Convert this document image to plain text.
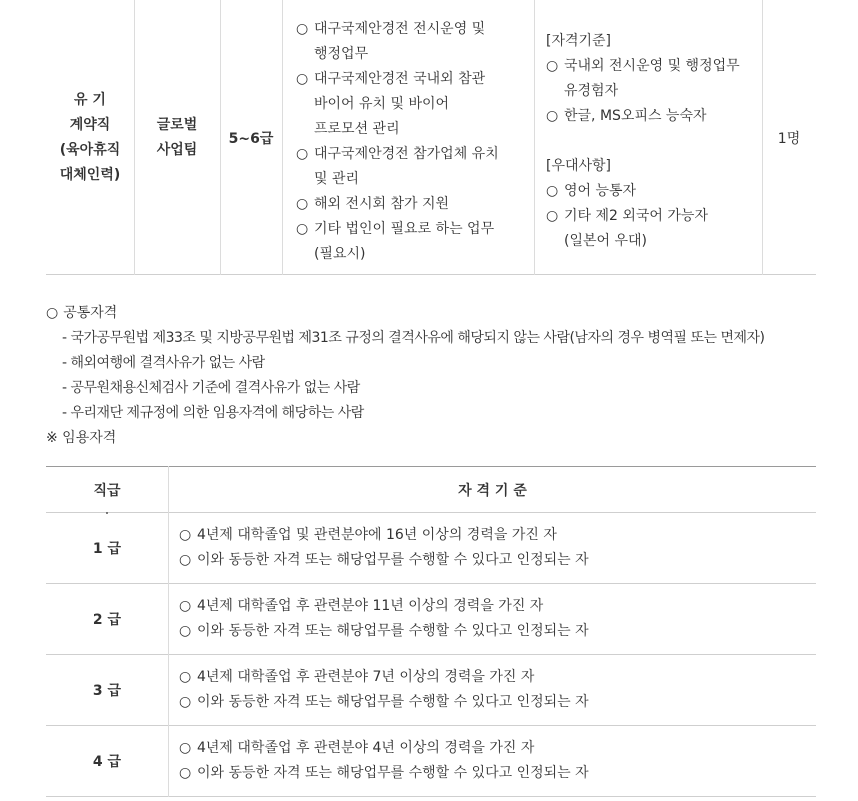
유 기
계약직
(육아휴직
대체인력)
글로벌
사업팀
5~6급
○ 대구국제안경전 전시운영 및
행정업무
○ 대구국제안경전 국내외 참관
바이어 유치 및 바이어
프로모션 관리
○ 대구국제안경전 참가업체 유치
및 관리
○ 해외 전시회 참가 지원
○ 기타 법인이 필요로 하는 업무
(필요시)
[자격기준]
○ 국내외 전시운영 및 행정업무
유경험자
○ 한글, MS오피스 능숙자
[우대사항]
○ 영어 능통자
○ 기타 제2 외국어 가능자
(일본어 우대)
1명
○ 공통자격
- 국가공무원법 제33조 및 지방공무원법 제31조 규정의 결격사유에 해당되지 않는 사람(남자의 경우 병역필 또는 면제자)
- 해외여행에 결격사유가 없는 사람
- 공무원채용신체검사 기준에 결격사유가 없는 사람
- 우리재단 제규정에 의한 임용자격에 해당하는 사람
※ 임용자격
직급	자 격 기 준
1 급
○ 4년제 대학졸업 및 관련분야에 16년 이상의 경력을 가진 자
○ 이와 동등한 자격 또는 해당업무를 수행할 수 있다고 인정되는 자
2 급
○ 4년제 대학졸업 후 관련분야 11년 이상의 경력을 가진 자
○ 이와 동등한 자격 또는 해당업무를 수행할 수 있다고 인정되는 자
3 급
○ 4년제 대학졸업 후 관련분야 7년 이상의 경력을 가진 자
○ 이와 동등한 자격 또는 해당업무를 수행할 수 있다고 인정되는 자
4 급
○ 4년제 대학졸업 후 관련분야 4년 이상의 경력을 가진 자
○ 이와 동등한 자격 또는 해당업무를 수행할 수 있다고 인정되는 자
